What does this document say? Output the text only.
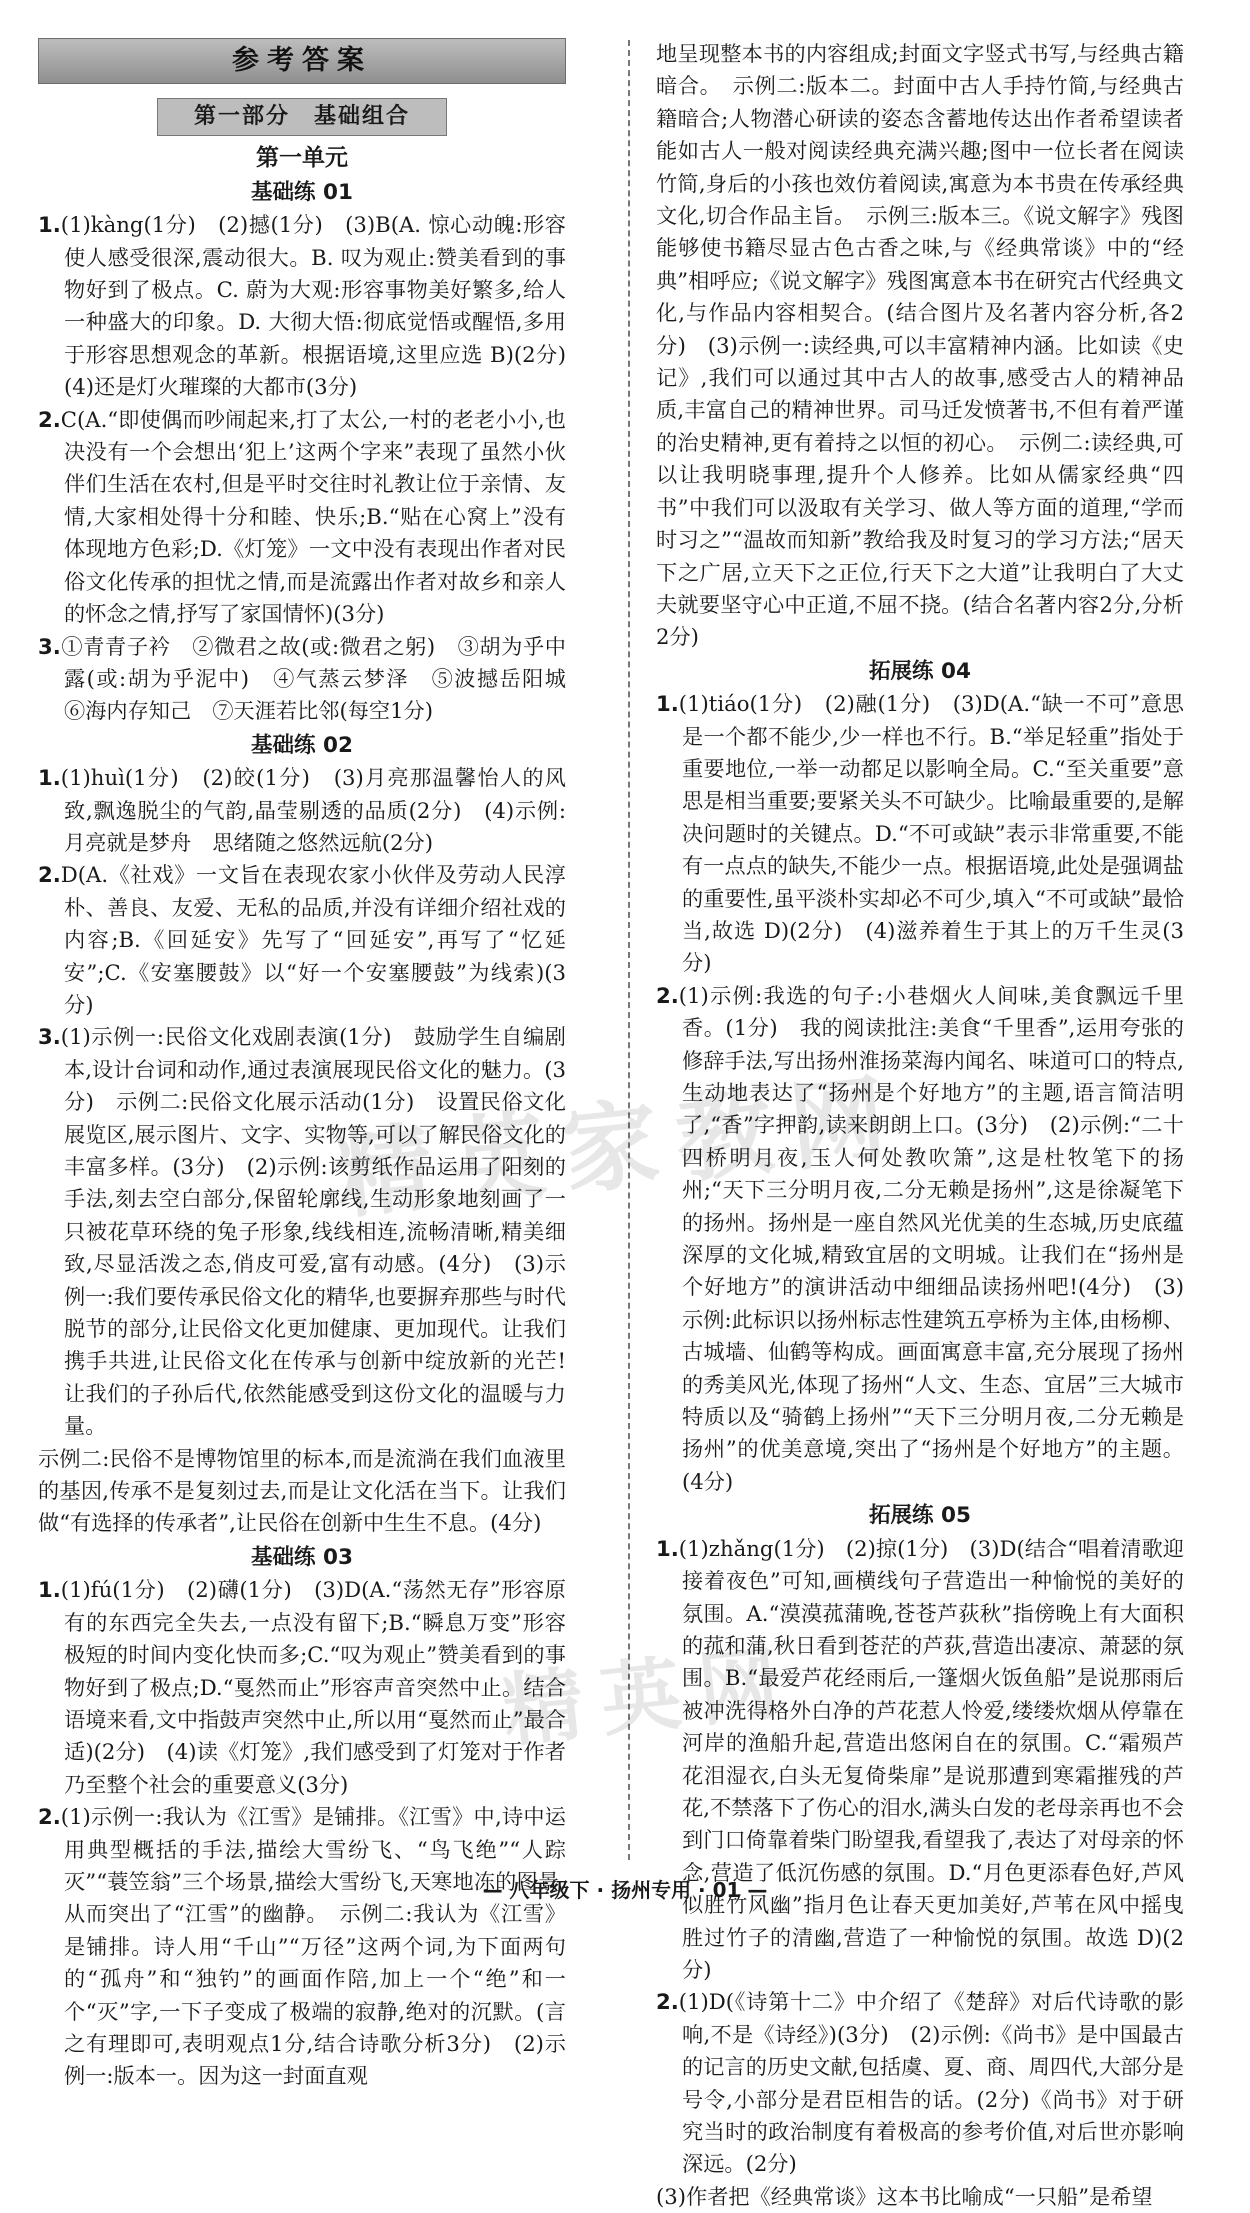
参考答案
第一部分　基础组合
第一单元
基础练 01

1.(1)kàng(1分)　(2)撼(1分)　(3)B(A. 惊心动魄:形容使人感受很深,震动很大。B. 叹为观止:赞美看到的事物好到了极点。C. 蔚为大观:形容事物美好繁多,给人一种盛大的印象。D. 大彻大悟:彻底觉悟或醒悟,多用于形容思想观念的革新。根据语境,这里应选 B)(2分)　(4)还是灯火璀璨的大都市(3分)

2.C(A.“即使偶而吵闹起来,打了太公,一村的老老小小,也决没有一个会想出‘犯上’这两个字来”表现了虽然小伙伴们生活在农村,但是平时交往时礼教让位于亲情、友情,大家相处得十分和睦、快乐;B.“贴在心窝上”没有体现地方色彩;D.《灯笼》一文中没有表现出作者对民俗文化传承的担忧之情,而是流露出作者对故乡和亲人的怀念之情,抒写了家国情怀)(3分)

3.①青青子衿　②微君之故(或:微君之躬)　③胡为乎中露(或:胡为乎泥中)　④气蒸云梦泽　⑤波撼岳阳城　⑥海内存知己　⑦天涯若比邻(每空1分)

基础练 02

1.(1)huì(1分)　(2)皎(1分)　(3)月亮那温馨怡人的风致,飘逸脱尘的气韵,晶莹剔透的品质(2分)　(4)示例:月亮就是梦舟　思绪随之悠然远航(2分)

2.D(A.《社戏》一文旨在表现农家小伙伴及劳动人民淳朴、善良、友爱、无私的品质,并没有详细介绍社戏的内容;B.《回延安》先写了“回延安”,再写了“忆延安”;C.《安塞腰鼓》以“好一个安塞腰鼓”为线索)(3分)

3.(1)示例一:民俗文化戏剧表演(1分)　鼓励学生自编剧本,设计台词和动作,通过表演展现民俗文化的魅力。(3分)　示例二:民俗文化展示活动(1分)　设置民俗文化展览区,展示图片、文字、实物等,可以了解民俗文化的丰富多样。(3分)　(2)示例:该剪纸作品运用了阳刻的手法,刻去空白部分,保留轮廓线,生动形象地刻画了一只被花草环绕的兔子形象,线线相连,流畅清晰,精美细致,尽显活泼之态,俏皮可爱,富有动感。(4分)　(3)示例一:我们要传承民俗文化的精华,也要摒弃那些与时代脱节的部分,让民俗文化更加健康、更加现代。让我们携手共进,让民俗文化在传承与创新中绽放新的光芒!让我们的子孙后代,依然能感受到这份文化的温暖与力量。

示例二:民俗不是博物馆里的标本,而是流淌在我们血液里的基因,传承不是复刻过去,而是让文化活在当下。让我们做“有选择的传承者”,让民俗在创新中生生不息。(4分)

基础练 03

1.(1)fú(1分)　(2)礴(1分)　(3)D(A.“荡然无存”形容原有的东西完全失去,一点没有留下;B.“瞬息万变”形容极短的时间内变化快而多;C.“叹为观止”赞美看到的事物好到了极点;D.“戛然而止”形容声音突然中止。结合语境来看,文中指鼓声突然中止,所以用“戛然而止”最合适)(2分)　(4)读《灯笼》,我们感受到了灯笼对于作者乃至整个社会的重要意义(3分)

2.(1)示例一:我认为《江雪》是铺排。《江雪》中,诗中运用典型概括的手法,描绘大雪纷飞、“鸟飞绝”“人踪灭”“蓑笠翁”三个场景,描绘大雪纷飞,天寒地冻的图景,从而突出了“江雪”的幽静。　示例二:我认为《江雪》是铺排。诗人用“千山”“万径”这两个词,为下面两句的“孤舟”和“独钓”的画面作陪,加上一个“绝”和一个“灭”字,一下子变成了极端的寂静,绝对的沉默。(言之有理即可,表明观点1分,结合诗歌分析3分)　(2)示例一:版本一。因为这一封面直观

地呈现整本书的内容组成;封面文字竖式书写,与经典古籍暗合。　示例二:版本二。封面中古人手持竹简,与经典古籍暗合;人物潜心研读的姿态含蓄地传达出作者希望读者能如古人一般对阅读经典充满兴趣;图中一位长者在阅读竹简,身后的小孩也效仿着阅读,寓意为本书贵在传承经典文化,切合作品主旨。　示例三:版本三。《说文解字》残图能够使书籍尽显古色古香之味,与《经典常谈》中的“经典”相呼应;《说文解字》残图寓意本书在研究古代经典文化,与作品内容相契合。(结合图片及名著内容分析,各2分)　(3)示例一:读经典,可以丰富精神内涵。比如读《史记》,我们可以通过其中古人的故事,感受古人的精神品质,丰富自己的精神世界。司马迁发愤著书,不但有着严谨的治史精神,更有着持之以恒的初心。　示例二:读经典,可以让我明晓事理,提升个人修养。比如从儒家经典“四书”中我们可以汲取有关学习、做人等方面的道理,“学而时习之”“温故而知新”教给我及时复习的学习方法;“居天下之广居,立天下之正位,行天下之大道”让我明白了大丈夫就要坚守心中正道,不屈不挠。(结合名著内容2分,分析2分)

拓展练 04

1.(1)tiáo(1分)　(2)融(1分)　(3)D(A.“缺一不可”意思是一个都不能少,少一样也不行。B.“举足轻重”指处于重要地位,一举一动都足以影响全局。C.“至关重要”意思是相当重要;要紧关头不可缺少。比喻最重要的,是解决问题时的关键点。D.“不可或缺”表示非常重要,不能有一点点的缺失,不能少一点。根据语境,此处是强调盐的重要性,虽平淡朴实却必不可少,填入“不可或缺”最恰当,故选 D)(2分)　(4)滋养着生于其上的万千生灵(3分)

2.(1)示例:我选的句子:小巷烟火人间味,美食飘远千里香。(1分)　我的阅读批注:美食“千里香”,运用夸张的修辞手法,写出扬州淮扬菜海内闻名、味道可口的特点,生动地表达了“扬州是个好地方”的主题,语言简洁明了,“香”字押韵,读来朗朗上口。(3分)　(2)示例:“二十四桥明月夜,玉人何处教吹箫”,这是杜牧笔下的扬州;“天下三分明月夜,二分无赖是扬州”,这是徐凝笔下的扬州。扬州是一座自然风光优美的生态城,历史底蕴深厚的文化城,精致宜居的文明城。让我们在“扬州是个好地方”的演讲活动中细细品读扬州吧!(4分)　(3)示例:此标识以扬州标志性建筑五亭桥为主体,由杨柳、古城墙、仙鹤等构成。画面寓意丰富,充分展现了扬州的秀美风光,体现了扬州“人文、生态、宜居”三大城市特质以及“骑鹤上扬州”“天下三分明月夜,二分无赖是扬州”的优美意境,突出了“扬州是个好地方”的主题。(4分)

拓展练 05

1.(1)zhǎng(1分)　(2)掠(1分)　(3)D(结合“唱着清歌迎接着夜色”可知,画横线句子营造出一种愉悦的美好的氛围。A.“漠漠菰蒲晚,苍苍芦荻秋”指傍晚上有大面积的菰和蒲,秋日看到苍茫的芦荻,营造出凄凉、萧瑟的氛围。B.“最爱芦花经雨后,一篷烟火饭鱼船”是说那雨后被冲洗得格外白净的芦花惹人怜爱,缕缕炊烟从停靠在河岸的渔船升起,营造出悠闲自在的氛围。C.“霜殒芦花泪湿衣,白头无复倚柴扉”是说那遭到寒霜摧残的芦花,不禁落下了伤心的泪水,满头白发的老母亲再也不会到门口倚靠着柴门盼望我,看望我了,表达了对母亲的怀念,营造了低沉伤感的氛围。D.“月色更添春色好,芦风似胜竹风幽”指月色让春天更加美好,芦苇在风中摇曳胜过竹子的清幽,营造了一种愉悦的氛围。故选 D)(2分)

2.(1)D(《诗第十二》中介绍了《楚辞》对后代诗歌的影响,不是《诗经》)(3分)　(2)示例:《尚书》是中国最古的记言的历史文献,包括虞、夏、商、周四代,大部分是号令,小部分是君臣相告的话。(2分)《尚书》对于研究当时的政治制度有着极高的参考价值,对后世亦影响深远。(2分)

(3)作者把《经典常谈》这本书比喻成“一只船”是希望

精 英 家 教 网
精 英 网
— 八年级下 · 扬州专用 · 01 —
